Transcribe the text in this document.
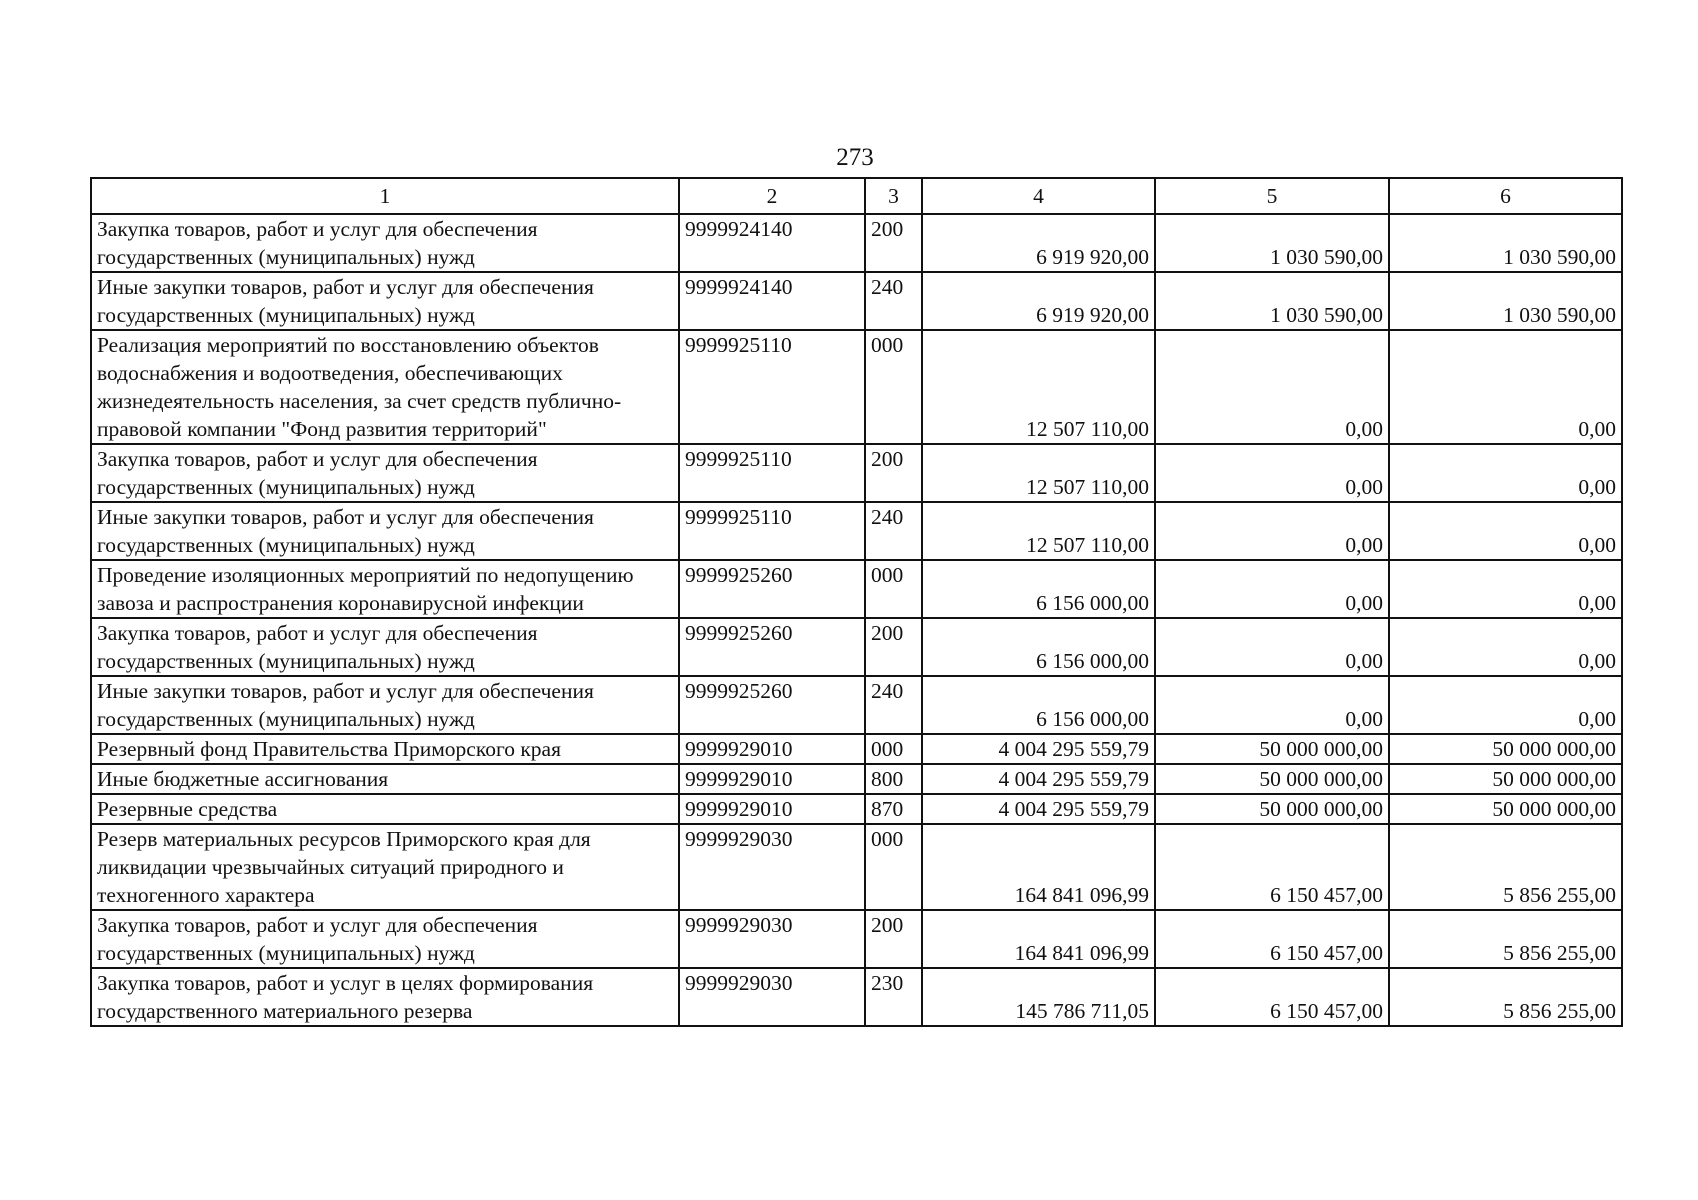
273
1	2	3	4	5	6
Закупка товаров, работ и услуг для обеспечения государственных (муниципальных) нужд	9999924140	200	6 919 920,00	1 030 590,00	1 030 590,00
Иные закупки товаров, работ и услуг для обеспечения государственных (муниципальных) нужд	9999924140	240	6 919 920,00	1 030 590,00	1 030 590,00
Реализация мероприятий по восстановлению объектов водоснабжения и водоотведения, обеспечивающих жизнедеятельность населения, за счет средств публично-правовой компании "Фонд развития территорий"	9999925110	000	12 507 110,00	0,00	0,00
Закупка товаров, работ и услуг для обеспечения государственных (муниципальных) нужд	9999925110	200	12 507 110,00	0,00	0,00
Иные закупки товаров, работ и услуг для обеспечения государственных (муниципальных) нужд	9999925110	240	12 507 110,00	0,00	0,00
Проведение изоляционных мероприятий по недопущению завоза и распространения коронавирусной инфекции	9999925260	000	6 156 000,00	0,00	0,00
Закупка товаров, работ и услуг для обеспечения государственных (муниципальных) нужд	9999925260	200	6 156 000,00	0,00	0,00
Иные закупки товаров, работ и услуг для обеспечения государственных (муниципальных) нужд	9999925260	240	6 156 000,00	0,00	0,00
Резервный фонд Правительства Приморского края	9999929010	000	4 004 295 559,79	50 000 000,00	50 000 000,00
Иные бюджетные ассигнования	9999929010	800	4 004 295 559,79	50 000 000,00	50 000 000,00
Резервные средства	9999929010	870	4 004 295 559,79	50 000 000,00	50 000 000,00
Резерв материальных ресурсов Приморского края для ликвидации чрезвычайных ситуаций природного и техногенного характера	9999929030	000	164 841 096,99	6 150 457,00	5 856 255,00
Закупка товаров, работ и услуг для обеспечения государственных (муниципальных) нужд	9999929030	200	164 841 096,99	6 150 457,00	5 856 255,00
Закупка товаров, работ и услуг в целях формирования государственного материального резерва	9999929030	230	145 786 711,05	6 150 457,00	5 856 255,00
